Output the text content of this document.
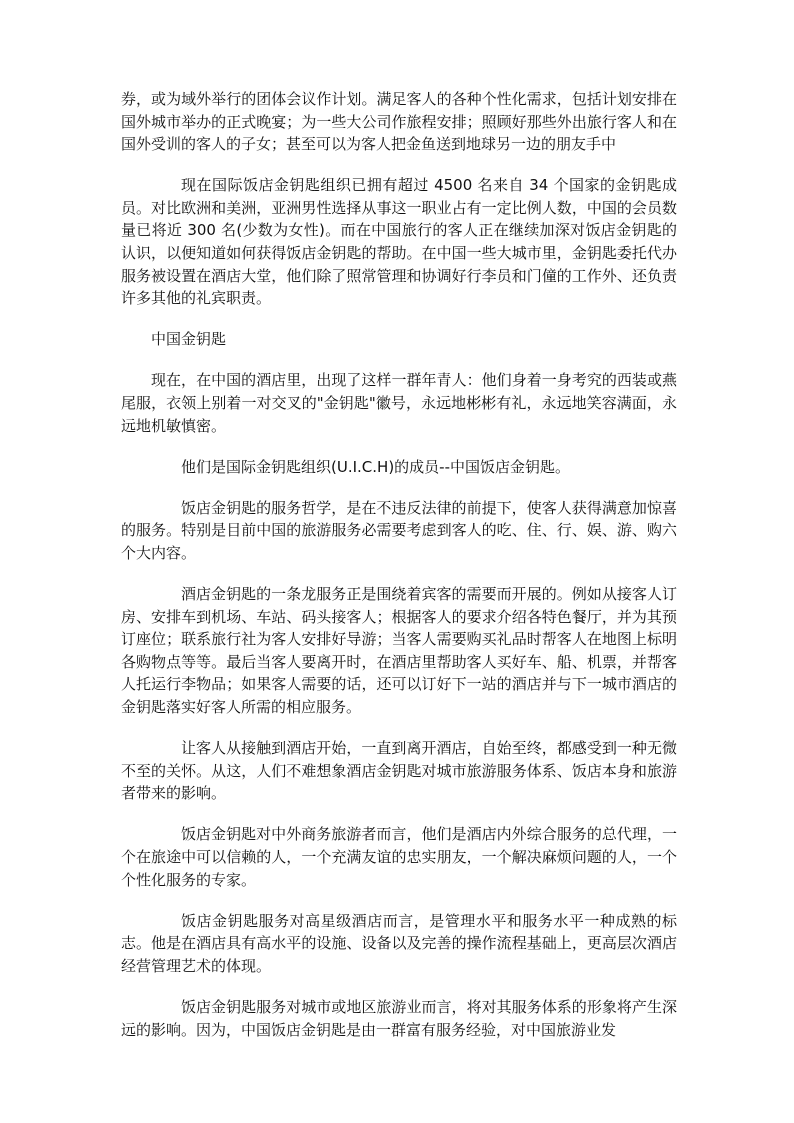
券，或为域外举行的团体会议作计划。满足客人的各种个性化需求，包括计划安排在国外城市举办的正式晚宴；为一些大公司作旅程安排；照顾好那些外出旅行客人和在国外受训的客人的子女；甚至可以为客人把金鱼送到地球另一边的朋友手中

现在国际饭店金钥匙组织已拥有超过 4500 名来自 34 个国家的金钥匙成员。对比欧洲和美洲，亚洲男性选择从事这一职业占有一定比例人数，中国的会员数量已将近 300 名(少数为女性)。而在中国旅行的客人正在继续加深对饭店金钥匙的认识，以便知道如何获得饭店金钥匙的帮助。在中国一些大城市里，金钥匙委托代办服务被设置在酒店大堂，他们除了照常管理和协调好行李员和门僮的工作外、还负责许多其他的礼宾职责。

中国金钥匙

现在，在中国的酒店里，出现了这样一群年青人：他们身着一身考究的西装或燕尾服，衣领上别着一对交叉的"金钥匙"徽号，永远地彬彬有礼，永远地笑容满面，永远地机敏慎密。

他们是国际金钥匙组织(U.I.C.H)的成员--中国饭店金钥匙。

饭店金钥匙的服务哲学，是在不违反法律的前提下，使客人获得满意加惊喜的服务。特别是目前中国的旅游服务必需要考虑到客人的吃、住、行、娱、游、购六个大内容。

酒店金钥匙的一条龙服务正是围绕着宾客的需要而开展的。例如从接客人订房、安排车到机场、车站、码头接客人；根据客人的要求介绍各特色餐厅，并为其预订座位；联系旅行社为客人安排好导游；当客人需要购买礼品时帮客人在地图上标明各购物点等等。最后当客人要离开时，在酒店里帮助客人买好车、船、机票，并帮客人托运行李物品；如果客人需要的话，还可以订好下一站的酒店并与下一城市酒店的金钥匙落实好客人所需的相应服务。

让客人从接触到酒店开始，一直到离开酒店，自始至终，都感受到一种无微不至的关怀。从这，人们不难想象酒店金钥匙对城市旅游服务体系、饭店本身和旅游者带来的影响。

饭店金钥匙对中外商务旅游者而言，他们是酒店内外综合服务的总代理，一个在旅途中可以信赖的人，一个充满友谊的忠实朋友，一个解决麻烦问题的人，一个个性化服务的专家。

饭店金钥匙服务对高星级酒店而言，是管理水平和服务水平一种成熟的标志。他是在酒店具有高水平的设施、设备以及完善的操作流程基础上，更高层次酒店经营管理艺术的体现。

饭店金钥匙服务对城市或地区旅游业而言，将对其服务体系的形象将产生深远的影响。因为，中国饭店金钥匙是由一群富有服务经验，对中国旅游业发
